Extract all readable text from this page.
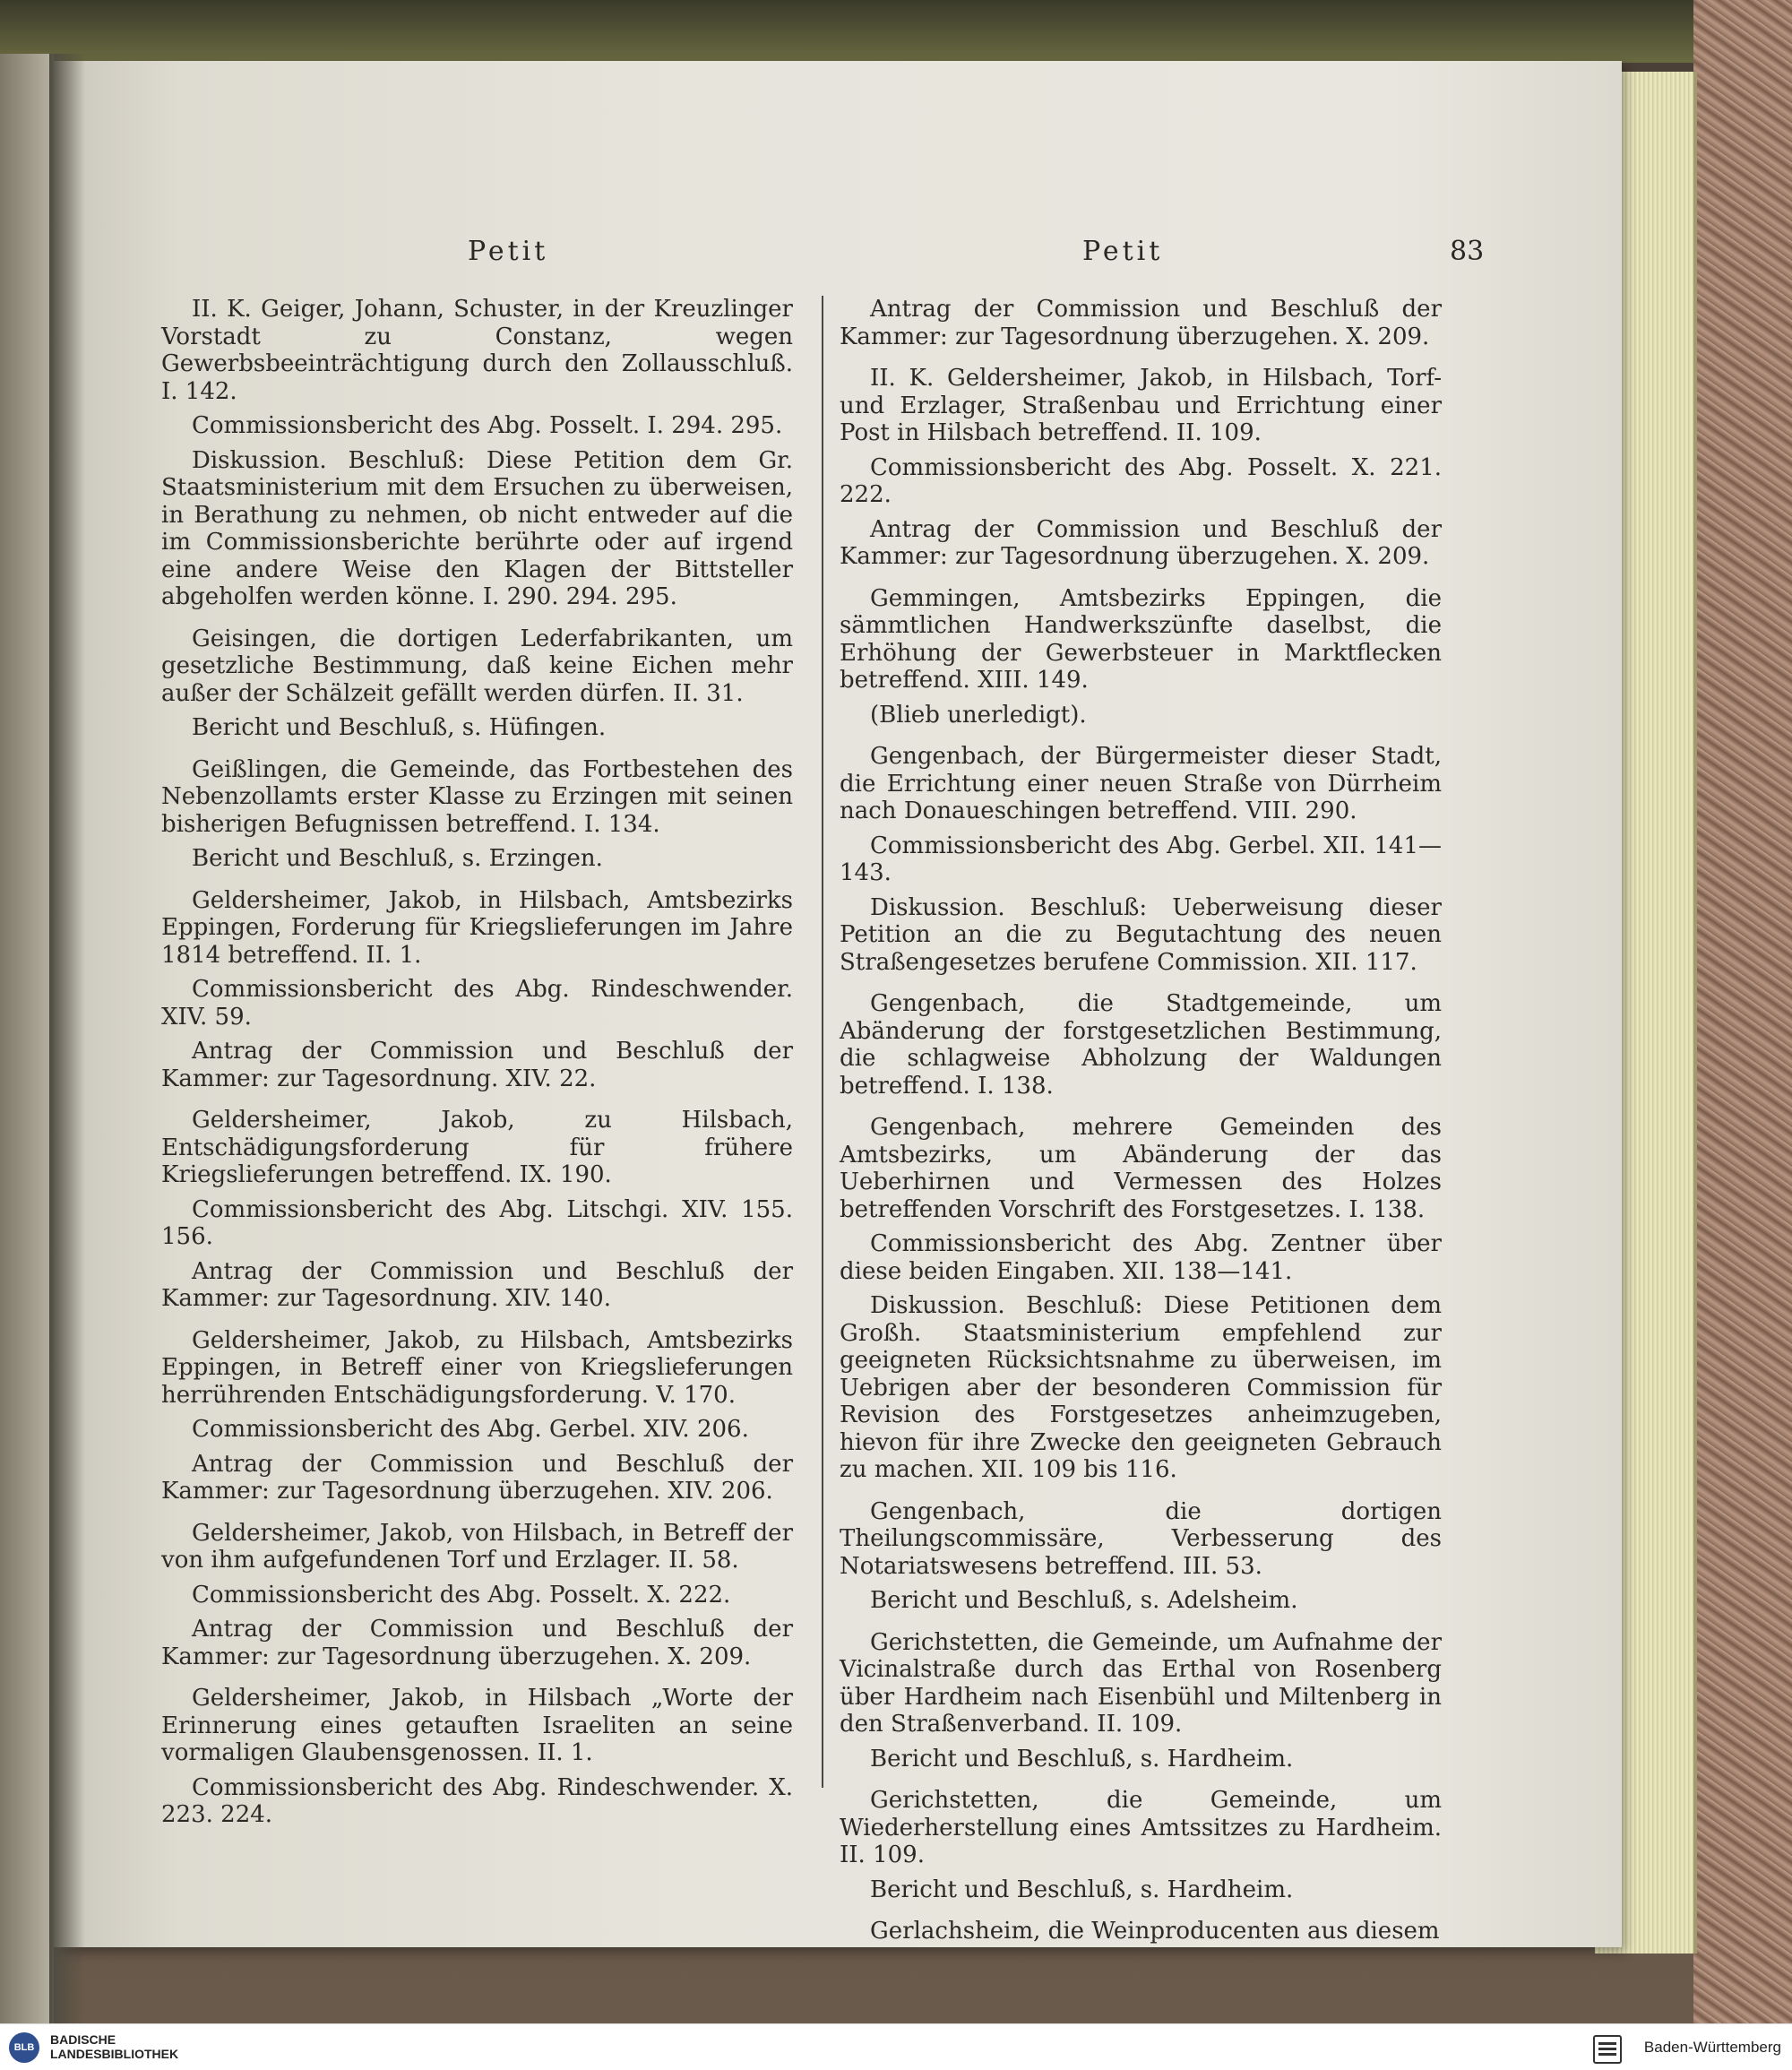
Petit	Petit	83

II. K. Geiger, Johann, Schuster, in der Kreuzlinger Vorstadt zu Constanz, wegen Gewerbsbeeinträchtigung durch den Zollausschluß. I. 142.

Commissionsbericht des Abg. Posselt. I. 294. 295.

Diskussion. Beschluß: Diese Petition dem Gr. Staatsministerium mit dem Ersuchen zu überweisen, in Berathung zu nehmen, ob nicht entweder auf die im Commissionsberichte berührte oder auf irgend eine andere Weise den Klagen der Bittsteller abgeholfen werden könne. I. 290. 294. 295.

Geisingen, die dortigen Lederfabrikanten, um gesetzliche Bestimmung, daß keine Eichen mehr außer der Schälzeit gefällt werden dürfen. II. 31.

Bericht und Beschluß, s. Hüfingen.

Geißlingen, die Gemeinde, das Fortbestehen des Nebenzollamts erster Klasse zu Erzingen mit seinen bisherigen Befugnissen betreffend. I. 134.

Bericht und Beschluß, s. Erzingen.

Geldersheimer, Jakob, in Hilsbach, Amtsbezirks Eppingen, Forderung für Kriegslieferungen im Jahre 1814 betreffend. II. 1.

Commissionsbericht des Abg. Rindeschwender. XIV. 59.

Antrag der Commission und Beschluß der Kammer: zur Tagesordnung. XIV. 22.

Geldersheimer, Jakob, zu Hilsbach, Entschädigungsforderung für frühere Kriegslieferungen betreffend. IX. 190.

Commissionsbericht des Abg. Litschgi. XIV. 155. 156.

Antrag der Commission und Beschluß der Kammer: zur Tagesordnung. XIV. 140.

Geldersheimer, Jakob, zu Hilsbach, Amtsbezirks Eppingen, in Betreff einer von Kriegslieferungen herrührenden Entschädigungsforderung. V. 170.

Commissionsbericht des Abg. Gerbel. XIV. 206.

Antrag der Commission und Beschluß der Kammer: zur Tagesordnung überzugehen. XIV. 206.

Geldersheimer, Jakob, von Hilsbach, in Betreff der von ihm aufgefundenen Torf und Erzlager. II. 58.

Commissionsbericht des Abg. Posselt. X. 222.

Antrag der Commission und Beschluß der Kammer: zur Tagesordnung überzugehen. X. 209.

Geldersheimer, Jakob, in Hilsbach „Worte der Erinnerung eines getauften Israeliten an seine vormaligen Glaubensgenossen. II. 1.

Commissionsbericht des Abg. Rindeschwender. X. 223. 224.

Antrag der Commission und Beschluß der Kammer: zur Tagesordnung überzugehen. X. 209.

II. K. Geldersheimer, Jakob, in Hilsbach, Torf- und Erzlager, Straßenbau und Errichtung einer Post in Hilsbach betreffend. II. 109.

Commissionsbericht des Abg. Posselt. X. 221. 222.

Antrag der Commission und Beschluß der Kammer: zur Tagesordnung überzugehen. X. 209.

Gemmingen, Amtsbezirks Eppingen, die sämmtlichen Handwerkszünfte daselbst, die Erhöhung der Gewerbsteuer in Marktflecken betreffend. XIII. 149.

(Blieb unerledigt).

Gengenbach, der Bürgermeister dieser Stadt, die Errichtung einer neuen Straße von Dürrheim nach Donaueschingen betreffend. VIII. 290.

Commissionsbericht des Abg. Gerbel. XII. 141—143.

Diskussion. Beschluß: Ueberweisung dieser Petition an die zu Begutachtung des neuen Straßengesetzes berufene Commission. XII. 117.

Gengenbach, die Stadtgemeinde, um Abänderung der forstgesetzlichen Bestimmung, die schlagweise Abholzung der Waldungen betreffend. I. 138.

Gengenbach, mehrere Gemeinden des Amtsbezirks, um Abänderung der das Ueberhirnen und Vermessen des Holzes betreffenden Vorschrift des Forstgesetzes. I. 138.

Commissionsbericht des Abg. Zentner über diese beiden Eingaben. XII. 138—141.

Diskussion. Beschluß: Diese Petitionen dem Großh. Staatsministerium empfehlend zur geeigneten Rücksichtsnahme zu überweisen, im Uebrigen aber der besonderen Commission für Revision des Forstgesetzes anheimzugeben, hievon für ihre Zwecke den geeigneten Gebrauch zu machen. XII. 109 bis 116.

Gengenbach, die dortigen Theilungscommissäre, Verbesserung des Notariatswesens betreffend. III. 53.

Bericht und Beschluß, s. Adelsheim.

Gerichstetten, die Gemeinde, um Aufnahme der Vicinalstraße durch das Erthal von Rosenberg über Hardheim nach Eisenbühl und Miltenberg in den Straßenverband. II. 109.

Bericht und Beschluß, s. Hardheim.

Gerichstetten, die Gemeinde, um Wiederherstellung eines Amtssitzes zu Hardheim. II. 109.

Bericht und Beschluß, s. Hardheim.

Gerlachsheim, die Weinproducenten aus diesem

BLB
BADISCHE
LANDESBIBLIOTHEK	Baden-Württemberg
